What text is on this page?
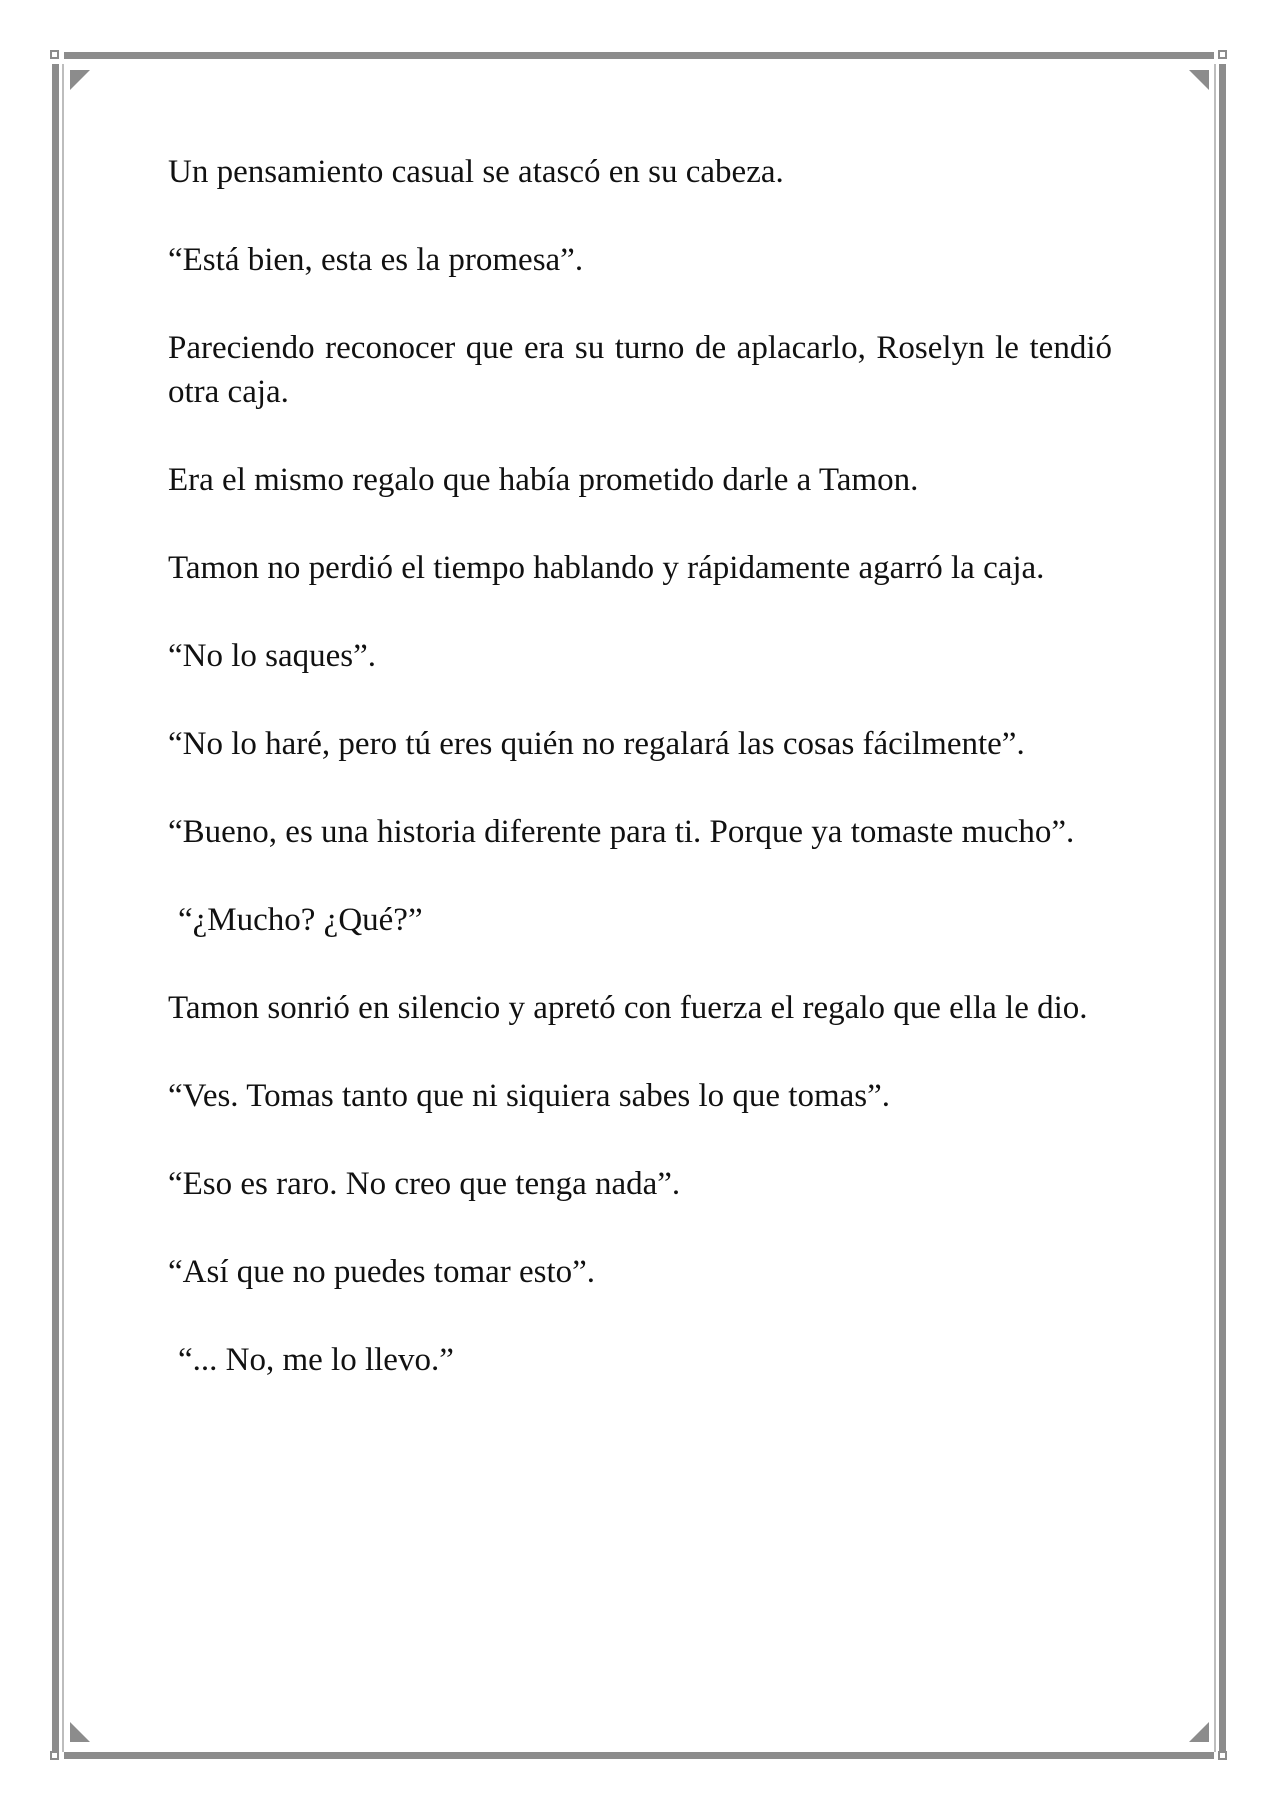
Un pensamiento casual se atascó en su cabeza.

“Está bien, esta es la promesa”.

Pareciendo reconocer que era su turno de aplacarlo, Roselyn le tendió otra caja.

Era el mismo regalo que había prometido darle a Tamon.

Tamon no perdió el tiempo hablando y rápidamente agarró la caja.

“No lo saques”.

“No lo haré, pero tú eres quién no regalará las cosas fácilmente”.

“Bueno, es una historia diferente para ti. Porque ya tomaste mucho”.

“¿Mucho? ¿Qué?”

Tamon sonrió en silencio y apretó con fuerza el regalo que ella le dio.

“Ves. Tomas tanto que ni siquiera sabes lo que tomas”.

“Eso es raro. No creo que tenga nada”.

“Así que no puedes tomar esto”.

“... No, me lo llevo.”
